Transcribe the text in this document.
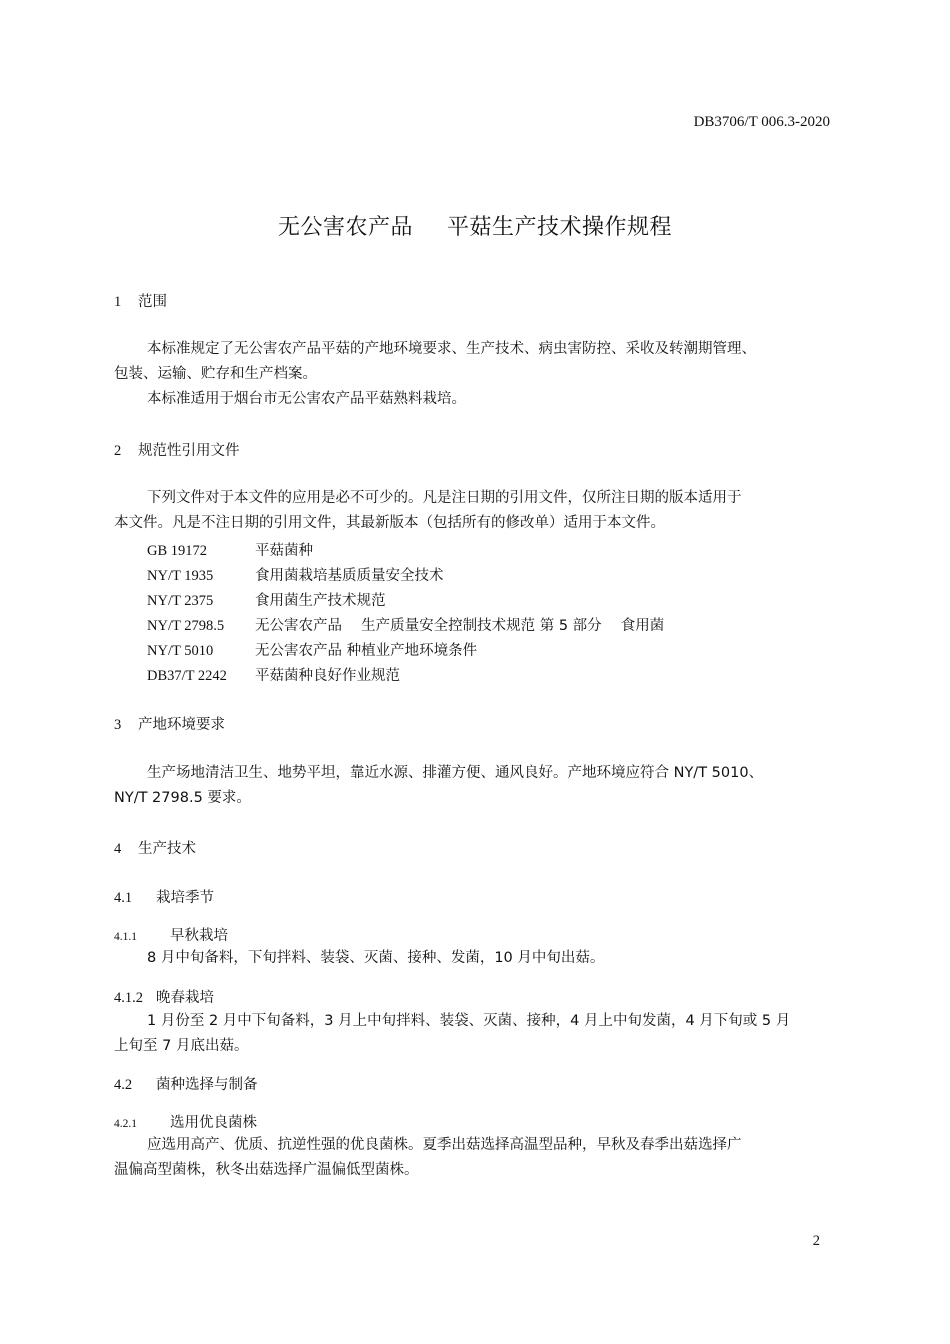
DB3706/T 006.3-2020
无公害农产品 平菇生产技术操作规程
1 范围
本标准规定了无公害农产品平菇的产地环境要求、生产技术、病虫害防控、采收及转潮期管理、
包装、运输、贮存和生产档案。
本标准适用于烟台市无公害农产品平菇熟料栽培。
2 规范性引用文件
下列文件对于本文件的应用是必不可少的。凡是注日期的引用文件，仅所注日期的版本适用于
本文件。凡是不注日期的引用文件，其最新版本（包括所有的修改单）适用于本文件。
GB 19172	平菇菌种
NY/T 1935	食用菌栽培基质质量安全技术
NY/T 2375	食用菌生产技术规范
NY/T 2798.5 无公害农产品　 生产质量安全控制技术规范 第 5 部分　 食用菌
NY/T 5010	无公害农产品 种植业产地环境条件
DB37/T 2242 平菇菌种良好作业规范
3 产地环境要求
生产场地清洁卫生、地势平坦，靠近水源、排灌方便、通风良好。产地环境应符合 NY/T 5010、
NY/T 2798.5 要求。
4 生产技术
4.1 栽培季节
4.1.1 早秋栽培
8 月中旬备料，下旬拌料、装袋、灭菌、接种、发菌，10 月中旬出菇。
4.1.2 晚春栽培
1 月份至 2 月中下旬备料，3 月上中旬拌料、装袋、灭菌、接种，4 月上中旬发菌，4 月下旬或 5 月
上旬至 7 月底出菇。
4.2 菌种选择与制备
4.2.1 选用优良菌株
应选用高产、优质、抗逆性强的优良菌株。夏季出菇选择高温型品种，早秋及春季出菇选择广
温偏高型菌株，秋冬出菇选择广温偏低型菌株。
2
